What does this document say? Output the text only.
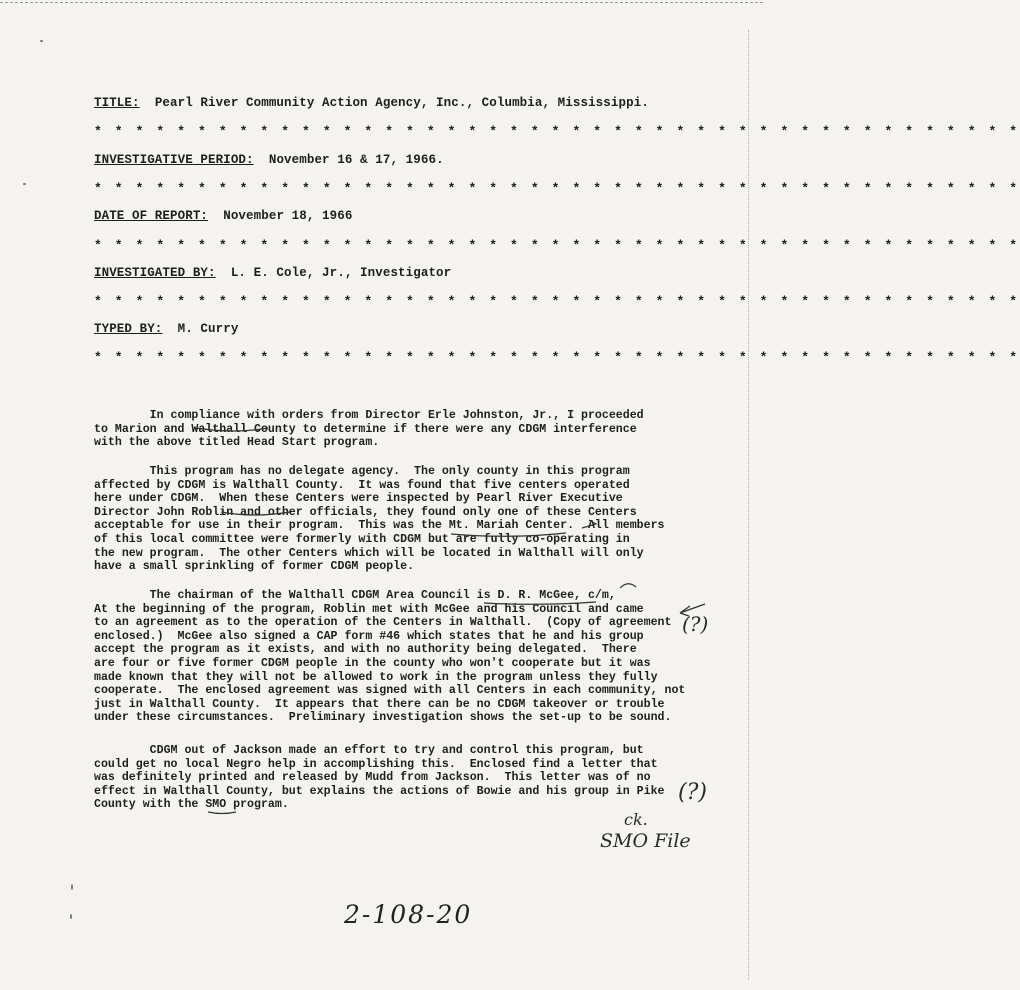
TITLE: Pearl River Community Action Agency, Inc., Columbia, Mississippi.
* * * * * * * * * * * * * * * * * * * * * * * * * * * * * * * * * * * * * * * * * * * * *
INVESTIGATIVE PERIOD: November 16 & 17, 1966.
* * * * * * * * * * * * * * * * * * * * * * * * * * * * * * * * * * * * * * * * * * * * *
DATE OF REPORT: November 18, 1966
* * * * * * * * * * * * * * * * * * * * * * * * * * * * * * * * * * * * * * * * * * * * *
INVESTIGATED BY: L. E. Cole, Jr., Investigator
* * * * * * * * * * * * * * * * * * * * * * * * * * * * * * * * * * * * * * * * * * * * *
TYPED BY: M. Curry
* * * * * * * * * * * * * * * * * * * * * * * * * * * * * * * * * * * * * * * * * * * * *
In compliance with orders from Director Erle Johnston, Jr., I proceeded
to Marion and Walthall County to determine if there were any CDGM interference
with the above titled Head Start program.
This program has no delegate agency.  The only county in this program
affected by CDGM is Walthall County.  It was found that five centers operated
here under CDGM.  When these Centers were inspected by Pearl River Executive
Director John Roblin and other officials, they found only one of these Centers
acceptable for use in their program.  This was the Mt. Mariah Center.  All members
of this local committee were formerly with CDGM but are fully co-operating in
the new program.  The other Centers which will be located in Walthall will only
have a small sprinkling of former CDGM people.
The chairman of the Walthall CDGM Area Council is D. R. McGee, c/m,
At the beginning of the program, Roblin met with McGee and his Council and came
to an agreement as to the operation of the Centers in Walthall.  (Copy of agreement
enclosed.)  McGee also signed a CAP form #46 which states that he and his group
accept the program as it exists, and with no authority being delegated.  There
are four or five former CDGM people in the county who won't cooperate but it was
made known that they will not be allowed to work in the program unless they fully
cooperate.  The enclosed agreement was signed with all Centers in each community, not
just in Walthall County.  It appears that there can be no CDGM takeover or trouble
under these circumstances.  Preliminary investigation shows the set-up to be sound.
CDGM out of Jackson made an effort to try and control this program, but
could get no local Negro help in accomplishing this.  Enclosed find a letter that
was definitely printed and released by Mudd from Jackson.  This letter was of no
effect in Walthall County, but explains the actions of Bowie and his group in Pike
County with the SMO program.
(?)
(?)
ck.
SMO File
2-108-20
